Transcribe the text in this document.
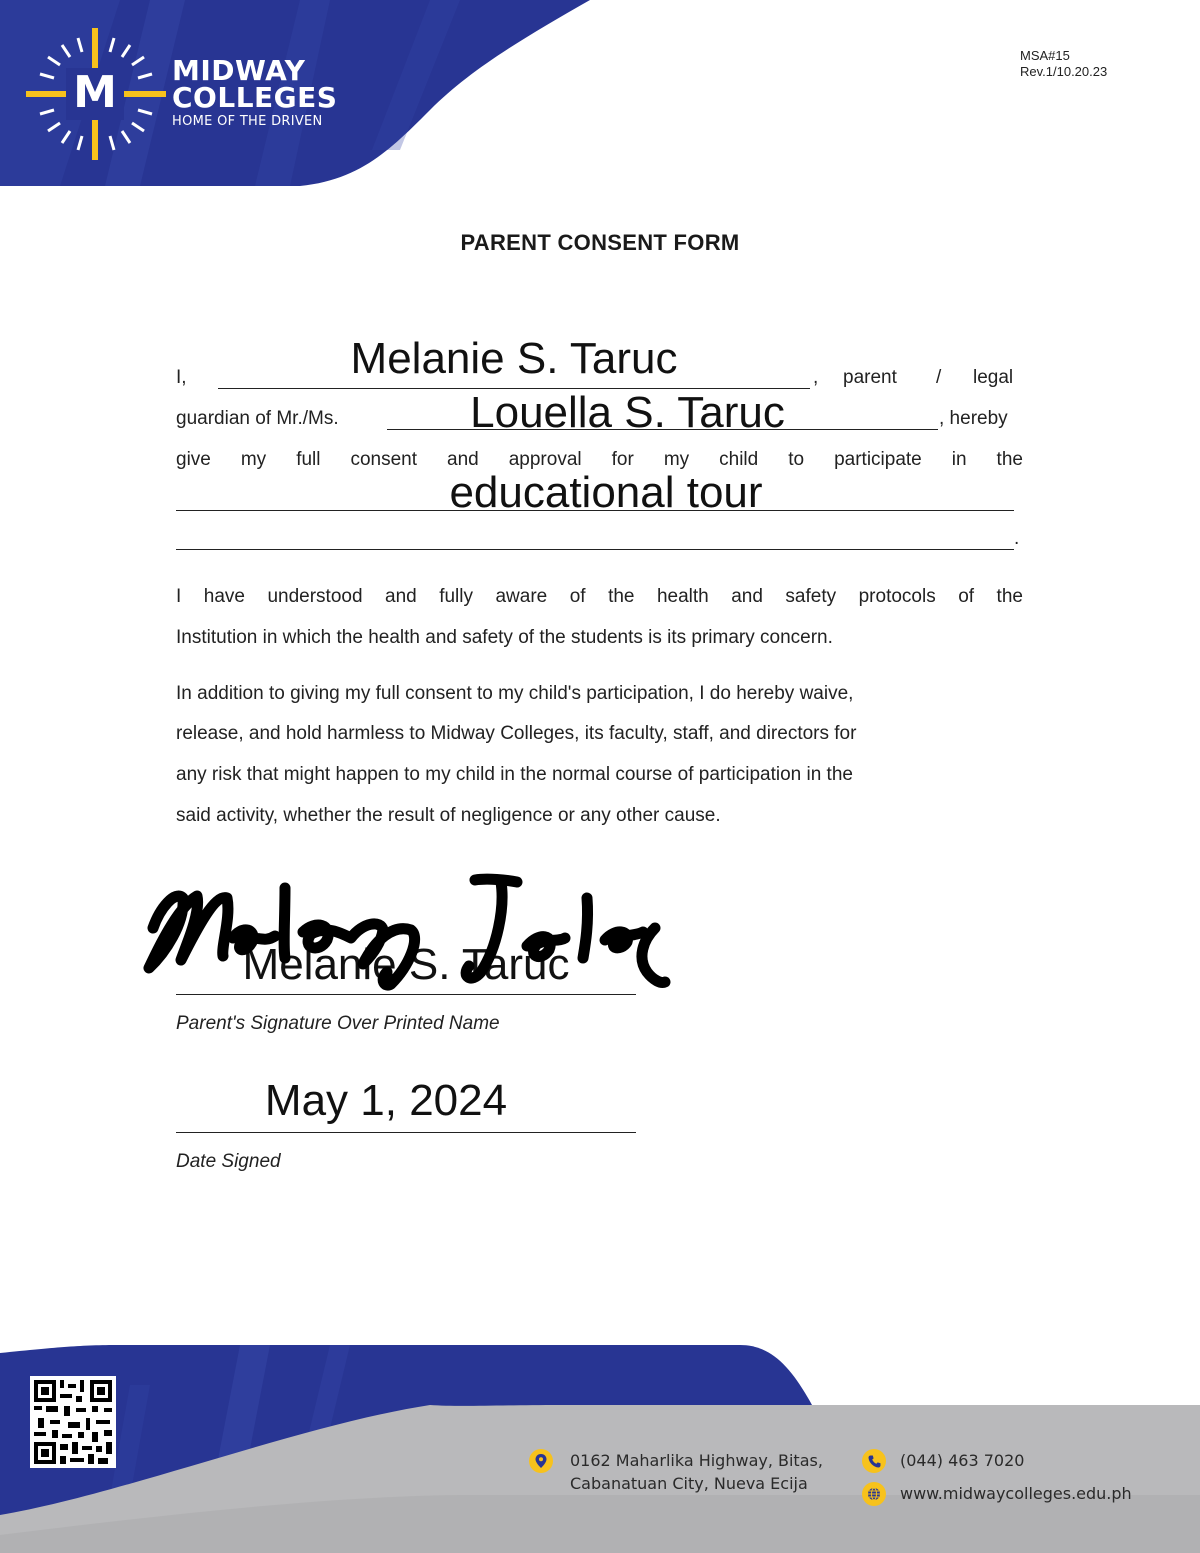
M MIDWAY
COLLEGES
HOME OF THE DRIVEN
MSA#15
Rev.1/10.20.23
PARENT CONSENT FORM
I,	,
Melanie S. Taruc	parent / legal
guardian of Mr./Ms.	Louella S. Taruc	, hereby
give my full consent and approval for my child to participate in the
educational tour
.
I have understood and fully aware of the health and safety protocols of the
Institution in which the health and safety of the students is its primary concern.
In addition to giving my full consent to my child's participation, I do hereby waive,
release, and hold harmless to Midway Colleges, its faculty, staff, and directors for
any risk that might happen to my child in the normal course of participation in the
said activity, whether the result of negligence or any other cause.
Melanie S. Taruc
Parent's Signature Over Printed Name
May 1, 2024
Date Signed
0162 Maharlika Highway, Bitas,
Cabanatuan City, Nueva Ecija
(044) 463 7020
www.midwaycolleges.edu.ph
